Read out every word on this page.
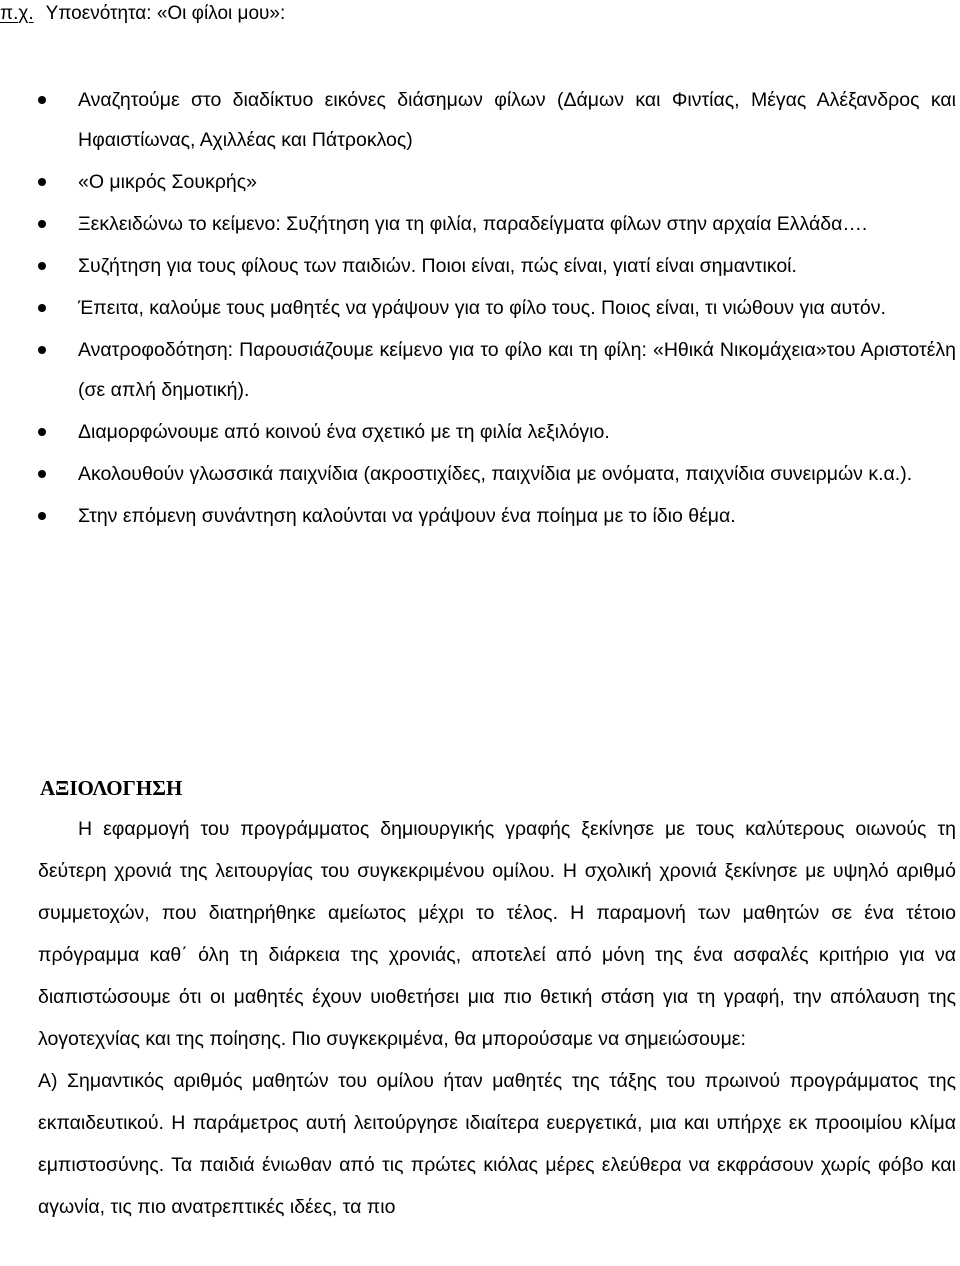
π.χ. Υποενότητα: «Οι φίλοι μου»:
Αναζητούμε στο διαδίκτυο εικόνες διάσημων φίλων (Δάμων και Φιντίας, Μέγας Αλέξανδρος και Ηφαιστίωνας, Αχιλλέας και Πάτροκλος)
«Ο μικρός Σουκρής»
Ξεκλειδώνω το κείμενο: Συζήτηση για τη φιλία, παραδείγματα φίλων στην αρχαία Ελλάδα….
Συζήτηση για τους φίλους των παιδιών. Ποιοι είναι, πώς είναι, γιατί είναι σημαντικοί.
Έπειτα, καλούμε τους μαθητές να γράψουν για το φίλο τους. Ποιος είναι, τι νιώθουν για αυτόν.
Ανατροφοδότηση: Παρουσιάζουμε κείμενο για το φίλο και τη φίλη: «Ηθικά Νικομάχεια»του Αριστοτέλη (σε απλή δημοτική).
Διαμορφώνουμε από κοινού ένα σχετικό με τη φιλία λεξιλόγιο.
Ακολουθούν γλωσσικά παιχνίδια (ακροστιχίδες, παιχνίδια με ονόματα, παιχνίδια συνειρμών κ.α.).
Στην επόμενη συνάντηση καλούνται να γράψουν ένα ποίημα με το ίδιο θέμα.
ΑΞΙΟΛΟΓΗΣΗ

Η εφαρμογή του προγράμματος δημιουργικής γραφής ξεκίνησε με τους καλύτερους οιωνούς τη δεύτερη χρονιά της λειτουργίας του συγκεκριμένου ομίλου. Η σχολική χρονιά ξεκίνησε με υψηλό αριθμό συμμετοχών, που διατηρήθηκε αμείωτος μέχρι το τέλος. Η παραμονή των μαθητών σε ένα τέτοιο πρόγραμμα καθ΄ όλη τη διάρκεια της χρονιάς, αποτελεί από μόνη της ένα ασφαλές κριτήριο για να διαπιστώσουμε ότι οι μαθητές έχουν υιοθετήσει μια πιο θετική στάση για τη γραφή, την απόλαυση της λογοτεχνίας και της ποίησης. Πιο συγκεκριμένα, θα μπορούσαμε να σημειώσουμε:

Α) Σημαντικός αριθμός μαθητών του ομίλου ήταν μαθητές της τάξης του πρωινού προγράμματος της εκπαιδευτικού. Η παράμετρος αυτή λειτούργησε ιδιαίτερα ευεργετικά, μια και υπήρχε εκ προοιμίου κλίμα εμπιστοσύνης. Τα παιδιά ένιωθαν από τις πρώτες κιόλας μέρες ελεύθερα να εκφράσουν χωρίς φόβο και αγωνία, τις πιο ανατρεπτικές ιδέες, τα πιο
